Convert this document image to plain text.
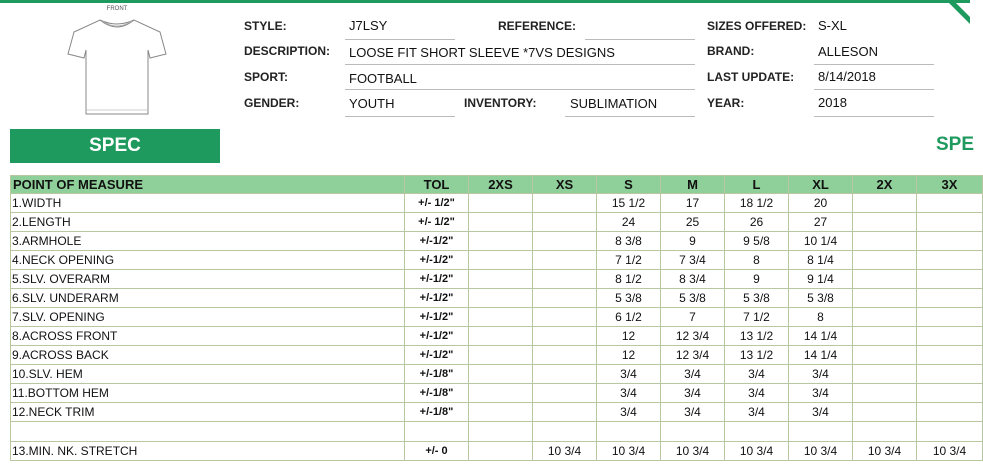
FRONT
STYLE:	J7LSY	REFERENCE:	SIZES OFFERED: S-XL
DESCRIPTION: LOOSE FIT SHORT SLEEVE *7VS DESIGNS	BRAND:	ALLESON
SPORT:	FOOTBALL	LAST UPDATE: 8/14/2018
GENDER:	YOUTH	INVENTORY:	SUBLIMATION	YEAR:	2018
SPEC	SPE
POINT OF MEASURE	TOL	2XS	XS	S	M	L	XL	2X	3X
1.WIDTH	+/- 1/2"			15 1/2	17	18 1/2	20		
2.LENGTH	+/- 1/2"			24	25	26	27		
3.ARMHOLE	+/-1/2"			8 3/8	9	9 5/8	10 1/4		
4.NECK OPENING	+/-1/2"			7 1/2	7 3/4	8	8 1/4		
5.SLV. OVERARM	+/-1/2"			8 1/2	8 3/4	9	9 1/4		
6.SLV. UNDERARM	+/-1/2"			5 3/8	5 3/8	5 3/8	5 3/8		
7.SLV. OPENING	+/-1/2"			6 1/2	7	7 1/2	8		
8.ACROSS FRONT	+/-1/2"			12	12 3/4	13 1/2	14 1/4		
9.ACROSS BACK	+/-1/2"			12	12 3/4	13 1/2	14 1/4		
10.SLV. HEM	+/-1/8"			3/4	3/4	3/4	3/4		
11.BOTTOM HEM	+/-1/8"			3/4	3/4	3/4	3/4		
12.NECK TRIM	+/-1/8"			3/4	3/4	3/4	3/4		

13.MIN. NK. STRETCH	+/- 0		10 3/4	10 3/4	10 3/4	10 3/4	10 3/4	10 3/4	10 3/4
